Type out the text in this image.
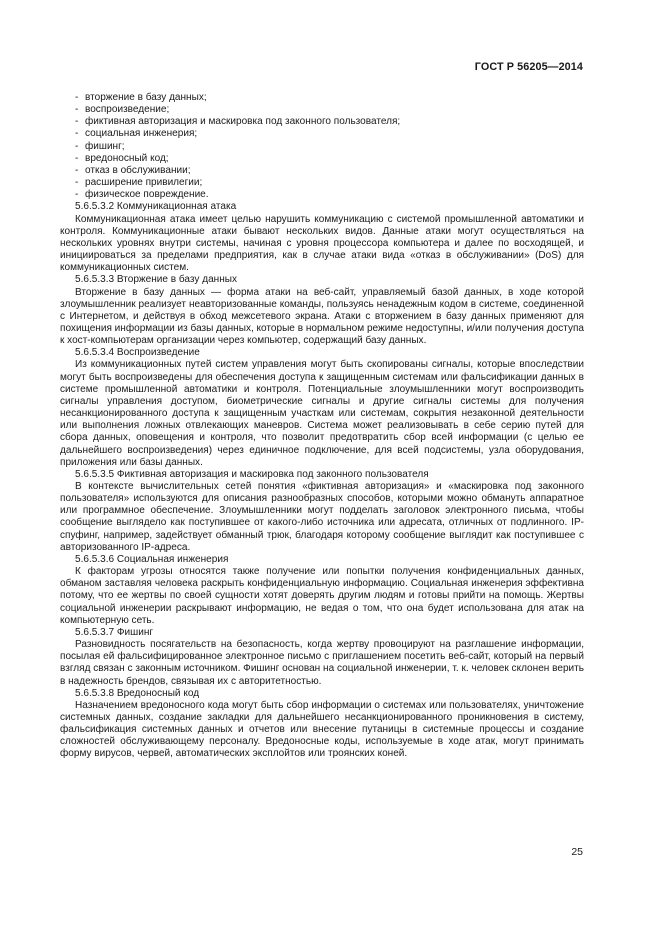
ГОСТ Р 56205—2014
- вторжение в базу данных;
- воспроизведение;
- фиктивная авторизация и маскировка под законного пользователя;
- социальная инженерия;
- фишинг;
- вредоносный код;
- отказ в обслуживании;
- расширение привилегии;
- физическое повреждение.

5.6.5.3.2 Коммуникационная атака

Коммуникационная атака имеет целью нарушить коммуникацию с системой промышленной автоматики и контроля. Коммуникационные атаки бывают нескольких видов. Данные атаки могут осуществляться на нескольких уровнях внутри системы, начиная с уровня процессора компьютера и далее по восходящей, и инициироваться за пределами предприятия, как в случае атаки вида «отказ в обслуживании» (DoS) для коммуникационных систем.

5.6.5.3.3 Вторжение в базу данных

Вторжение в базу данных — форма атаки на веб-сайт, управляемый базой данных, в ходе которой злоумышленник реализует неавторизованные команды, пользуясь ненадежным кодом в системе, соединенной с Интернетом, и действуя в обход межсетевого экрана. Атаки с вторжением в базу данных применяют для похищения информации из базы данных, которые в нормальном режиме недоступны, и/или получения доступа к хост-компьютерам организации через компьютер, содержащий базу данных.

5.6.5.3.4 Воспроизведение

Из коммуникационных путей систем управления могут быть скопированы сигналы, которые впоследствии могут быть воспроизведены для обеспечения доступа к защищенным системам или фальсификации данных в системе промышленной автоматики и контроля. Потенциальные злоумышленники могут воспроизводить сигналы управления доступом, биометрические сигналы и другие сигналы системы для получения несанкционированного доступа к защищенным участкам или системам, сокрытия незаконной деятельности или выполнения ложных отвлекающих маневров. Система может реализовывать в себе серию путей для сбора данных, оповещения и контроля, что позволит предотвратить сбор всей информации (с целью ее дальнейшего воспроизведения) через единичное подключение, для всей подсистемы, узла оборудования, приложения или базы данных.

5.6.5.3.5 Фиктивная авторизация и маскировка под законного пользователя

В контексте вычислительных сетей понятия «фиктивная авторизация» и «маскировка под законного пользователя» используются для описания разнообразных способов, которыми можно обмануть аппаратное или программное обеспечение. Злоумышленники могут подделать заголовок электронного письма, чтобы сообщение выглядело как поступившее от какого-либо источника или адресата, отличных от подлинного. IP-спуфинг, например, задействует обманный трюк, благодаря которому сообщение выглядит как поступившее с авторизованного IP-адреса.

5.6.5.3.6 Социальная инженерия

К факторам угрозы относятся также получение или попытки получения конфиденциальных данных, обманом заставляя человека раскрыть конфиденциальную информацию. Социальная инженерия эффективна потому, что ее жертвы по своей сущности хотят доверять другим людям и готовы прийти на помощь. Жертвы социальной инженерии раскрывают информацию, не ведая о том, что она будет использована для атак на компьютерную сеть.

5.6.5.3.7 Фишинг

Разновидность посягательств на безопасность, когда жертву провоцируют на разглашение информации, посылая ей фальсифицированное электронное письмо с приглашением посетить веб-сайт, который на первый взгляд связан с законным источником. Фишинг основан на социальной инженерии, т. к. человек склонен верить в надежность брендов, связывая их с авторитетностью.

5.6.5.3.8 Вредоносный код

Назначением вредоносного кода могут быть сбор информации о системах или пользователях, уничтожение системных данных, создание закладки для дальнейшего несанкционированного проникновения в систему, фальсификация системных данных и отчетов или внесение путаницы в системные процессы и создание сложностей обслуживающему персоналу. Вредоносные коды, используемые в ходе атак, могут принимать форму вирусов, червей, автоматических эксплойтов или троянских коней.

25
